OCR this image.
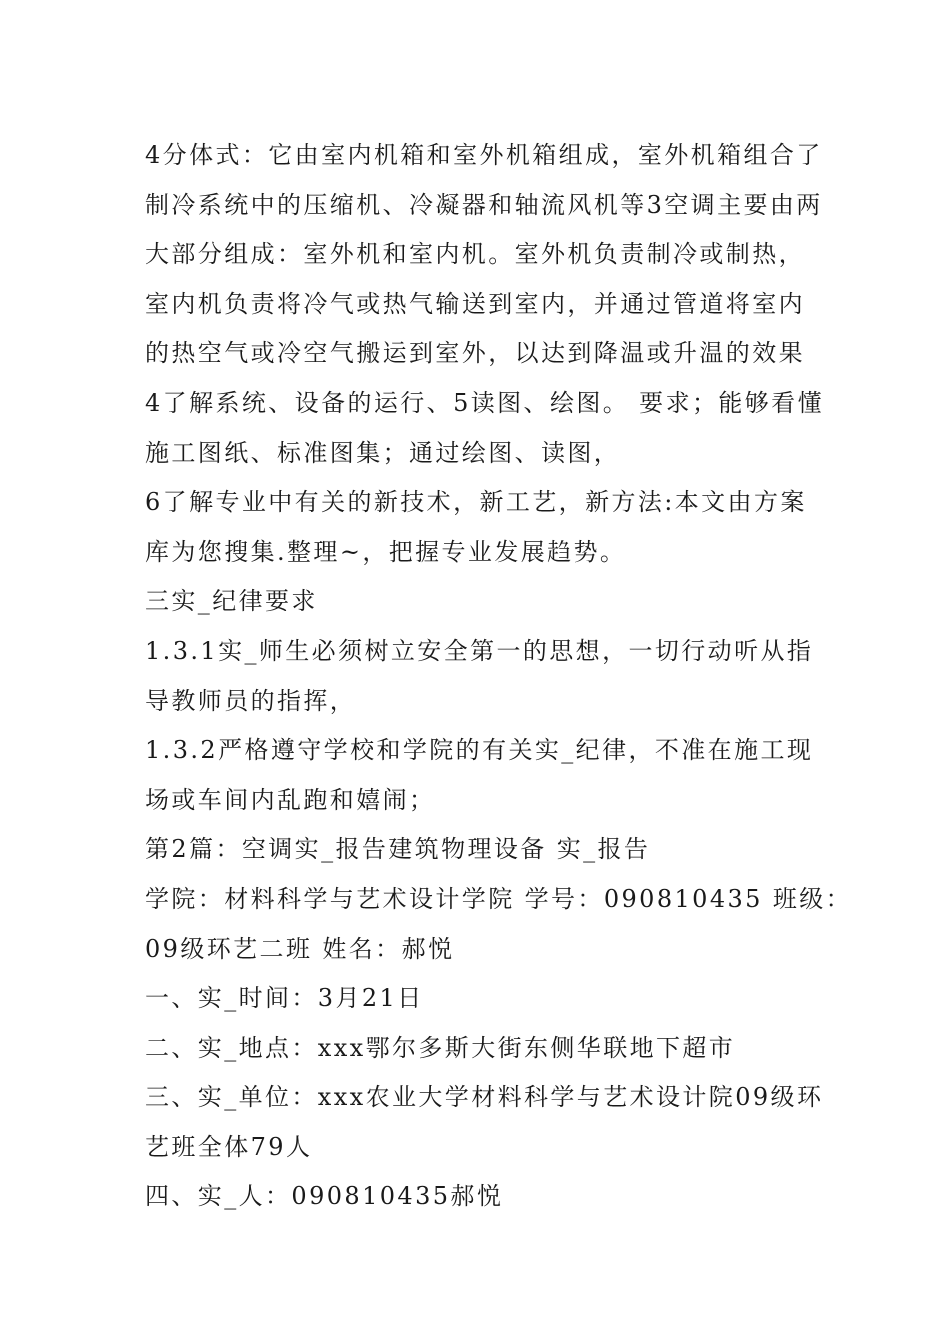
4分体式：它由室内机箱和室外机箱组成，室外机箱组合了
制冷系统中的压缩机、冷凝器和轴流风机等3空调主要由两
大部分组成：室外机和室内机。室外机负责制冷或制热，
室内机负责将冷气或热气输送到室内，并通过管道将室内
的热空气或冷空气搬运到室外，以达到降温或升温的效果
4了解系统、设备的运行、5读图、绘图。 要求；能够看懂
施工图纸、标准图集；通过绘图、读图，
6了解专业中有关的新技术，新工艺，新方法:本文由方案
库为您搜集.整理~，把握专业发展趋势。
三实_纪律要求
1.3.1实_师生必须树立安全第一的思想，一切行动听从指
导教师员的指挥，
1.3.2严格遵守学校和学院的有关实_纪律，不准在施工现
场或车间内乱跑和嬉闹；
第2篇：空调实_报告建筑物理设备 实_报告
学院：材料科学与艺术设计学院 学号：090810435 班级：
09级环艺二班 姓名：郝悦
一、实_时间：3月21日
二、实_地点：xxx鄂尔多斯大街东侧华联地下超市
三、实_单位：xxx农业大学材料科学与艺术设计院09级环
艺班全体79人
四、实_人：090810435郝悦
